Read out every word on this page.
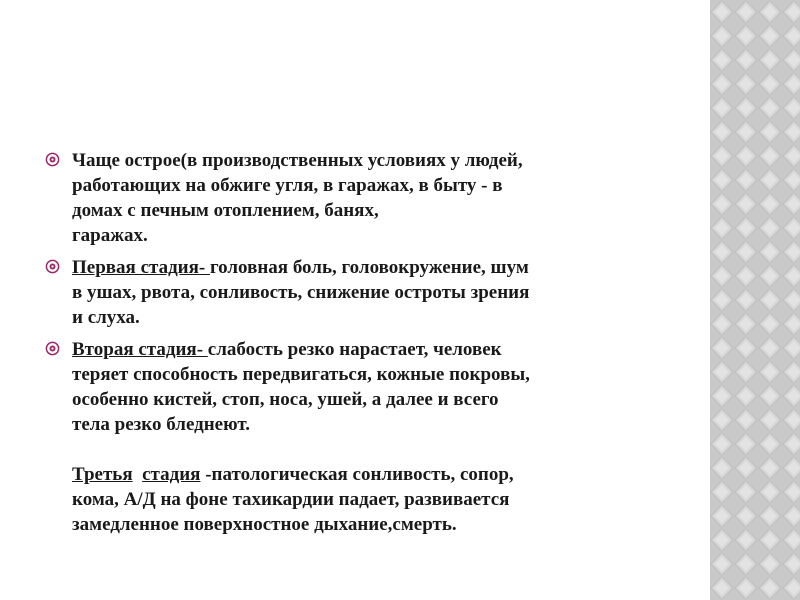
ОТРАВЛЕНИЕ ОКСИДОМ УГЛЕРОДА
(УГАРНЫМ ГАЗОМ)
Чаще острое(в производственных условиях у людей,
работающих на обжиге угля, в гаражах, в быту - в
домах с печным отоплением, банях,
гаражах.
Первая стадия- головная боль, головокружение, шум
в ушах, рвота, сонливость, снижение остроты зрения
и слуха.
Вторая стадия- слабость резко нарастает, человек
теряет способность передвигаться, кожные покровы,
особенно кистей, стоп, носа, ушей, а далее и всего
тела резко бледнеют.
Третья стадия -патологическая сонливость, сопор,
кома, А/Д на фоне тахикардии падает, развивается
замедленное поверхностное дыхание,смерть.
